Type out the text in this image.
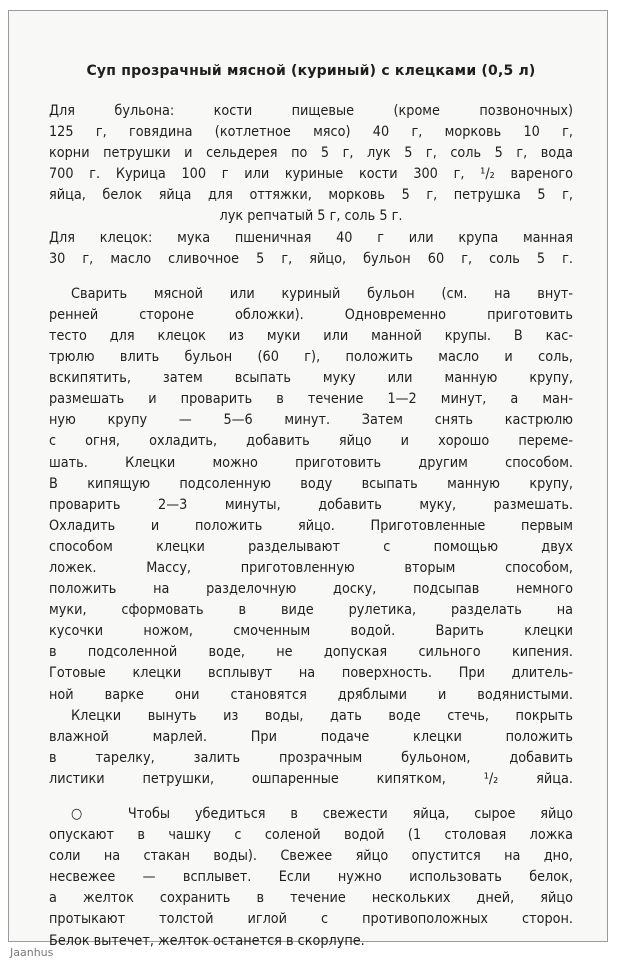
Суп прозрачный мясной (куриный) с клецками (0,5 л)
Для бульона: кости пищевые (кроме позвоночных)
125 г, говядина (котлетное мясо) 40 г, морковь 10 г,
корни петрушки и сельдерея по 5 г, лук 5 г, соль 5 г, вода
700 г. Курица 100 г или куриные кости 300 г, ¹/₂ вареного
яйца, белок яйца для оттяжки, морковь 5 г, петрушка 5 г,
лук репчатый 5 г, соль 5 г.
Для клецок: мука пшеничная 40 г или крупа манная
30 г, масло сливочное 5 г, яйцо, бульон 60 г, соль 5 г.
Сварить мясной или куриный бульон (см. на внут-
ренней стороне обложки). Одновременно приготовить
тесто для клецок из муки или манной крупы. В кас-
трюлю влить бульон (60 г), положить масло и соль,
вскипятить, затем всыпать муку или манную крупу,
размешать и проварить в течение 1—2 минут, а ман-
ную крупу — 5—6 минут. Затем снять кастрюлю
с огня, охладить, добавить яйцо и хорошо переме-
шать. Клецки можно приготовить другим способом.
В кипящую подсоленную воду всыпать манную крупу,
проварить 2—3 минуты, добавить муку, размешать.
Охладить и положить яйцо. Приготовленные первым
способом клецки разделывают с помощью двух
ложек. Массу, приготовленную вторым способом,
положить на разделочную доску, подсыпав немного
муки, сформовать в виде рулетика, разделать на
кусочки ножом, смоченным водой. Варить клецки
в подсоленной воде, не допуская сильного кипения.
Готовые клецки всплывут на поверхность. При длитель-
ной варке они становятся дряблыми и водянистыми.
Клецки вынуть из воды, дать воде стечь, покрыть
влажной марлей. При подаче клецки положить
в тарелку, залить прозрачным бульоном, добавить
листики петрушки, ошпаренные кипятком, ¹/₂ яйца.
○ Чтобы убедиться в свежести яйца, сырое яйцо
опускают в чашку с соленой водой (1 столовая ложка
соли на стакан воды). Свежее яйцо опустится на дно,
несвежее — всплывет. Если нужно использовать белок,
а желток сохранить в течение нескольких дней, яйцо
протыкают толстой иглой с противоположных сторон.
Белок вытечет, желток останется в скорлупе.
Jaanhus
